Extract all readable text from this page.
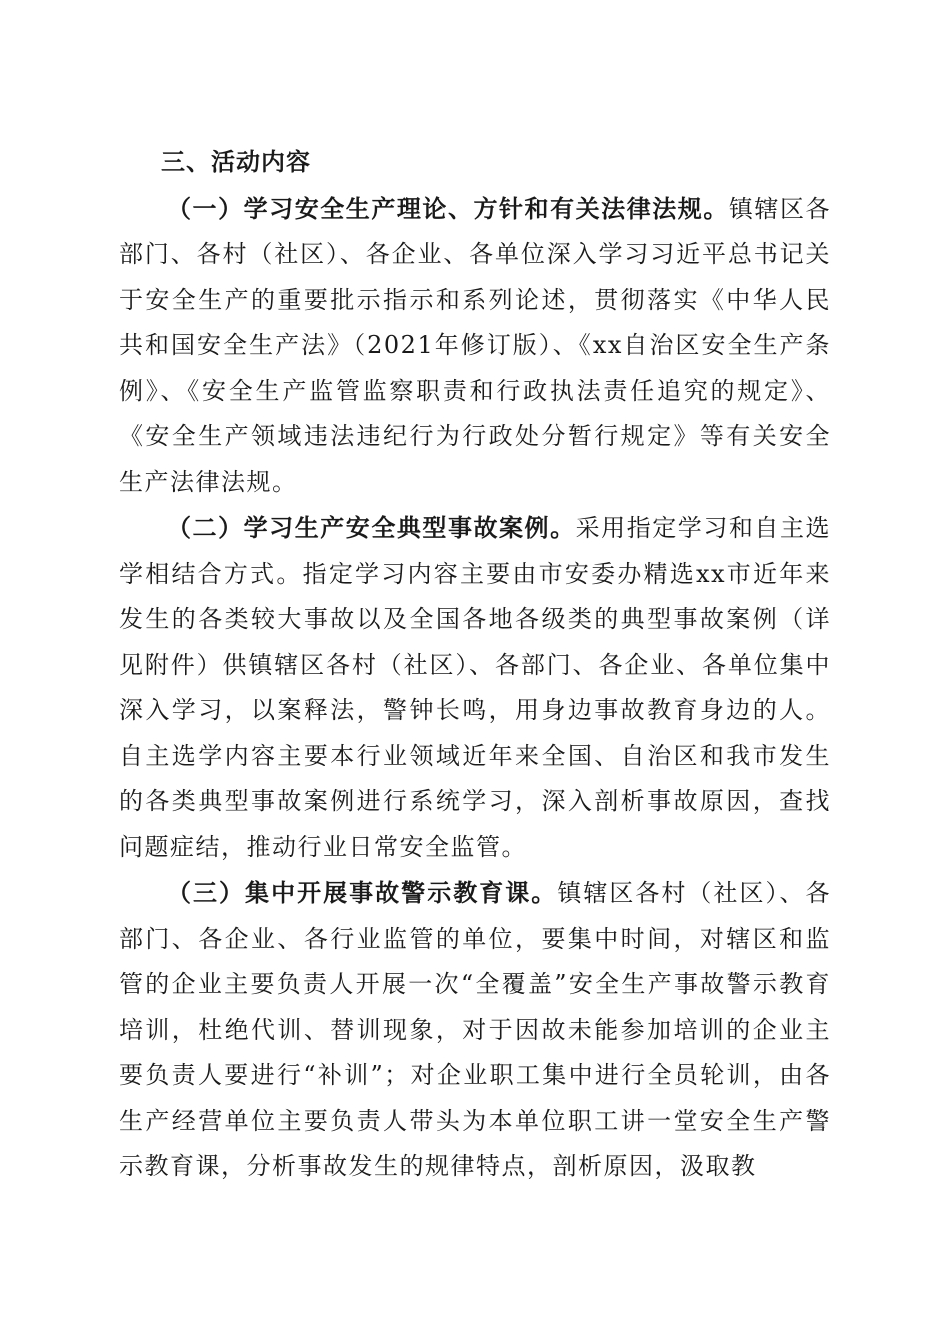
三、活动内容

（一）学习安全生产理论、方针和有关法律法规。镇辖区各部门、各村（社区）、各企业、各单位深入学习习近平总书记关于安全生产的重要批示指示和系列论述，贯彻落实《中华人民共和国安全生产法》（2021年修订版）、《xx自治区安全生产条例》、《安全生产监管监察职责和行政执法责任追究的规定》、《安全生产领域违法违纪行为行政处分暂行规定》等有关安全生产法律法规。

（二）学习生产安全典型事故案例。采用指定学习和自主选学相结合方式。指定学习内容主要由市安委办精选xx市近年来发生的各类较大事故以及全国各地各级类的典型事故案例（详见附件）供镇辖区各村（社区）、各部门、各企业、各单位集中深入学习，以案释法，警钟长鸣，用身边事故教育身边的人。自主选学内容主要本行业领域近年来全国、自治区和我市发生的各类典型事故案例进行系统学习，深入剖析事故原因，查找问题症结，推动行业日常安全监管。

（三）集中开展事故警示教育课。镇辖区各村（社区）、各部门、各企业、各行业监管的单位，要集中时间，对辖区和监管的企业主要负责人开展一次“全覆盖”安全生产事故警示教育培训，杜绝代训、替训现象，对于因故未能参加培训的企业主要负责人要进行“补训”；对企业职工集中进行全员轮训，由各生产经营单位主要负责人带头为本单位职工讲一堂安全生产警示教育课，分析事故发生的规律特点，剖析原因，汲取教
